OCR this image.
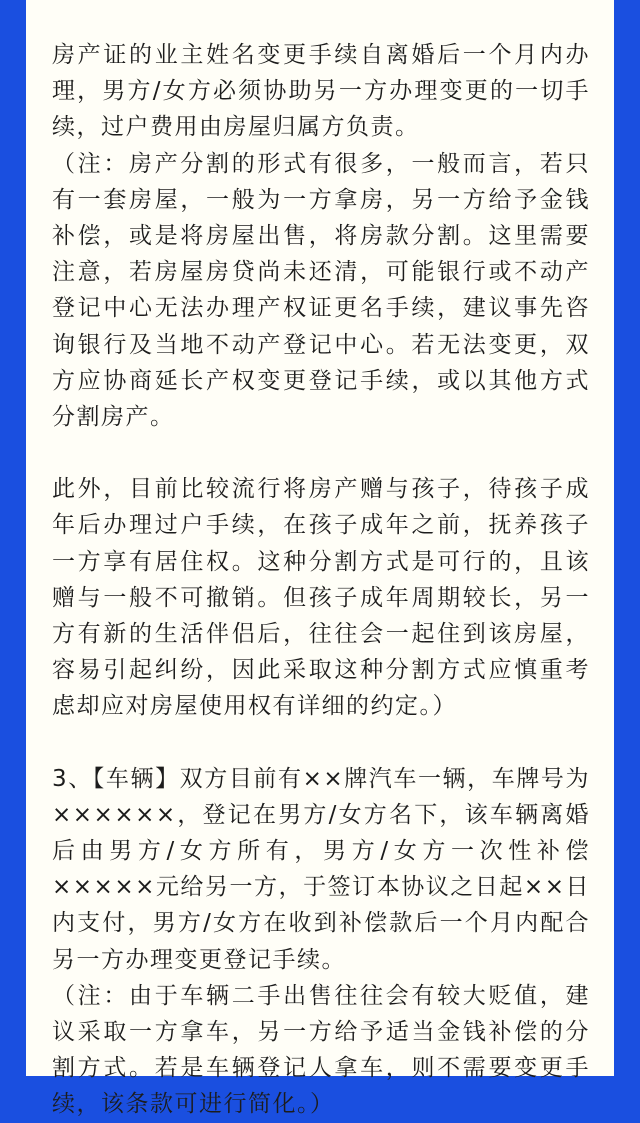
房产证的业主姓名变更手续自离婚后一个月内办理，男方/女方必须协助另一方办理变更的一切手续，过户费用由房屋归属方负责。

（注：房产分割的形式有很多，一般而言，若只有一套房屋，一般为一方拿房，另一方给予金钱补偿，或是将房屋出售，将房款分割。这里需要注意，若房屋房贷尚未还清，可能银行或不动产登记中心无法办理产权证更名手续，建议事先咨询银行及当地不动产登记中心。若无法变更，双方应协商延长产权变更登记手续，或以其他方式分割房产。

此外，目前比较流行将房产赠与孩子，待孩子成年后办理过户手续，在孩子成年之前，抚养孩子一方享有居住权。这种分割方式是可行的，且该赠与一般不可撤销。但孩子成年周期较长，另一方有新的生活伴侣后，往往会一起住到该房屋，容易引起纠纷，因此采取这种分割方式应慎重考虑却应对房屋使用权有详细的约定。）

3、【车辆】双方目前有××牌汽车一辆，车牌号为××××××，登记在男方/女方名下，该车辆离婚后由男方/女方所有，男方/女方一次性补偿×××××元给另一方，于签订本协议之日起××日内支付，男方/女方在收到补偿款后一个月内配合另一方办理变更登记手续。

（注：由于车辆二手出售往往会有较大贬值，建议采取一方拿车，另一方给予适当金钱补偿的分割方式。若是车辆登记人拿车，则不需要变更手续，该条款可进行简化。）
